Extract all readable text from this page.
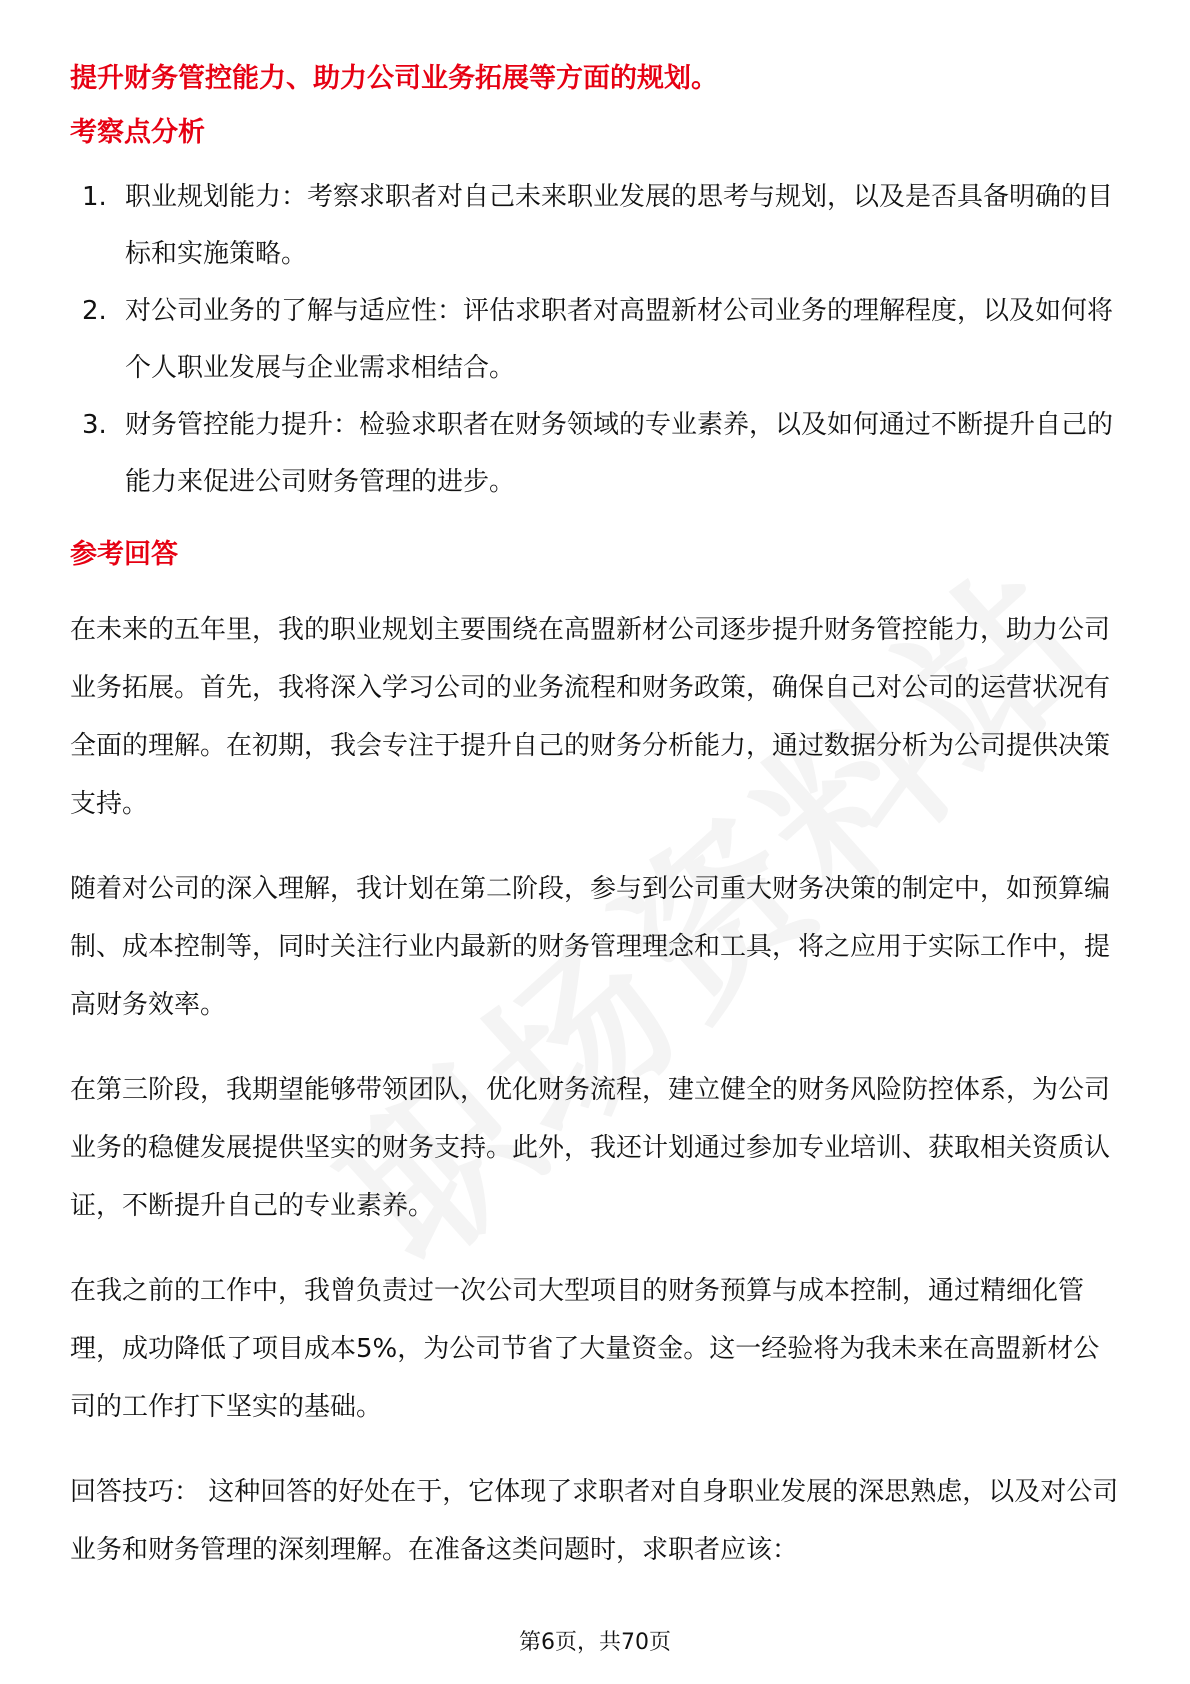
提升财务管控能力、助力公司业务拓展等方面的规划。

考察点分析

1. 职业规划能力：考察求职者对自己未来职业发展的思考与规划，以及是否具备明确的目标和实施策略。
2. 对公司业务的了解与适应性：评估求职者对高盟新材公司业务的理解程度，以及如何将个人职业发展与企业需求相结合。
3. 财务管控能力提升：检验求职者在财务领域的专业素养，以及如何通过不断提升自己的能力来促进公司财务管理的进步。

参考回答

在未来的五年里，我的职业规划主要围绕在高盟新材公司逐步提升财务管控能力，助力公司业务拓展。首先，我将深入学习公司的业务流程和财务政策，确保自己对公司的运营状况有全面的理解。在初期，我会专注于提升自己的财务分析能力，通过数据分析为公司提供决策支持。

随着对公司的深入理解，我计划在第二阶段，参与到公司重大财务决策的制定中，如预算编制、成本控制等，同时关注行业内最新的财务管理理念和工具，将之应用于实际工作中，提高财务效率。

在第三阶段，我期望能够带领团队，优化财务流程，建立健全的财务风险防控体系，为公司业务的稳健发展提供坚实的财务支持。此外，我还计划通过参加专业培训、获取相关资质认证，不断提升自己的专业素养。

在我之前的工作中，我曾负责过一次公司大型项目的财务预算与成本控制，通过精细化管理，成功降低了项目成本5%，为公司节省了大量资金。这一经验将为我未来在高盟新材公司的工作打下坚实的基础。

回答技巧： 这种回答的好处在于，它体现了求职者对自身职业发展的深思熟虑，以及对公司业务和财务管理的深刻理解。在准备这类问题时，求职者应该：

第6页，共70页
